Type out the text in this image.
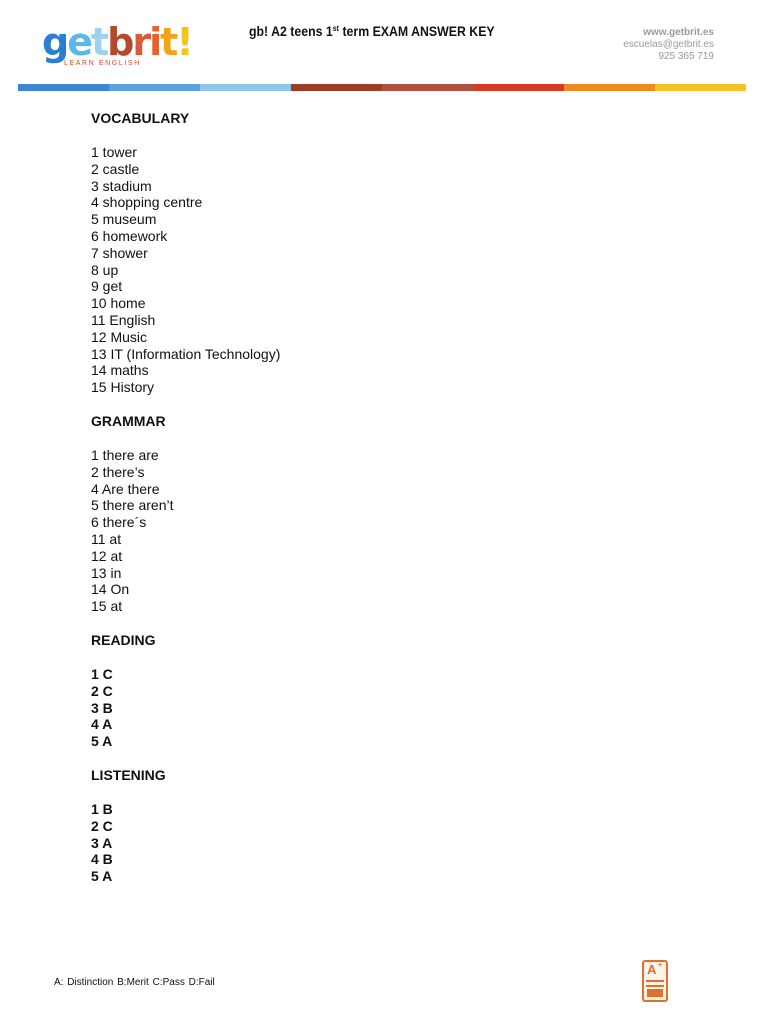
getbrit!
LEARN ENGLISH
gb! A2 teens 1st term EXAM ANSWER KEY	www.getbrit.es
escuelas@getbrit.es
925 365 719
VOCABULARY
1 tower
2 castle
3 stadium
4 shopping centre
5 museum
6 homework
7 shower
8 up
9 get
10 home
11 English
12 Music
13 IT (Information Technology)
14 maths
15 History
GRAMMAR
1 there are
2 there’s
4 Are there
5 there aren’t
6 there´s
11 at
12 at
13 in
14 On
15 at
READING
1 C
2 C
3 B
4 A
5 A
LISTENING
1 B
2 C
3 A
4 B
5 A
A: Distinction B:Merit C:Pass D:Fail
A +
